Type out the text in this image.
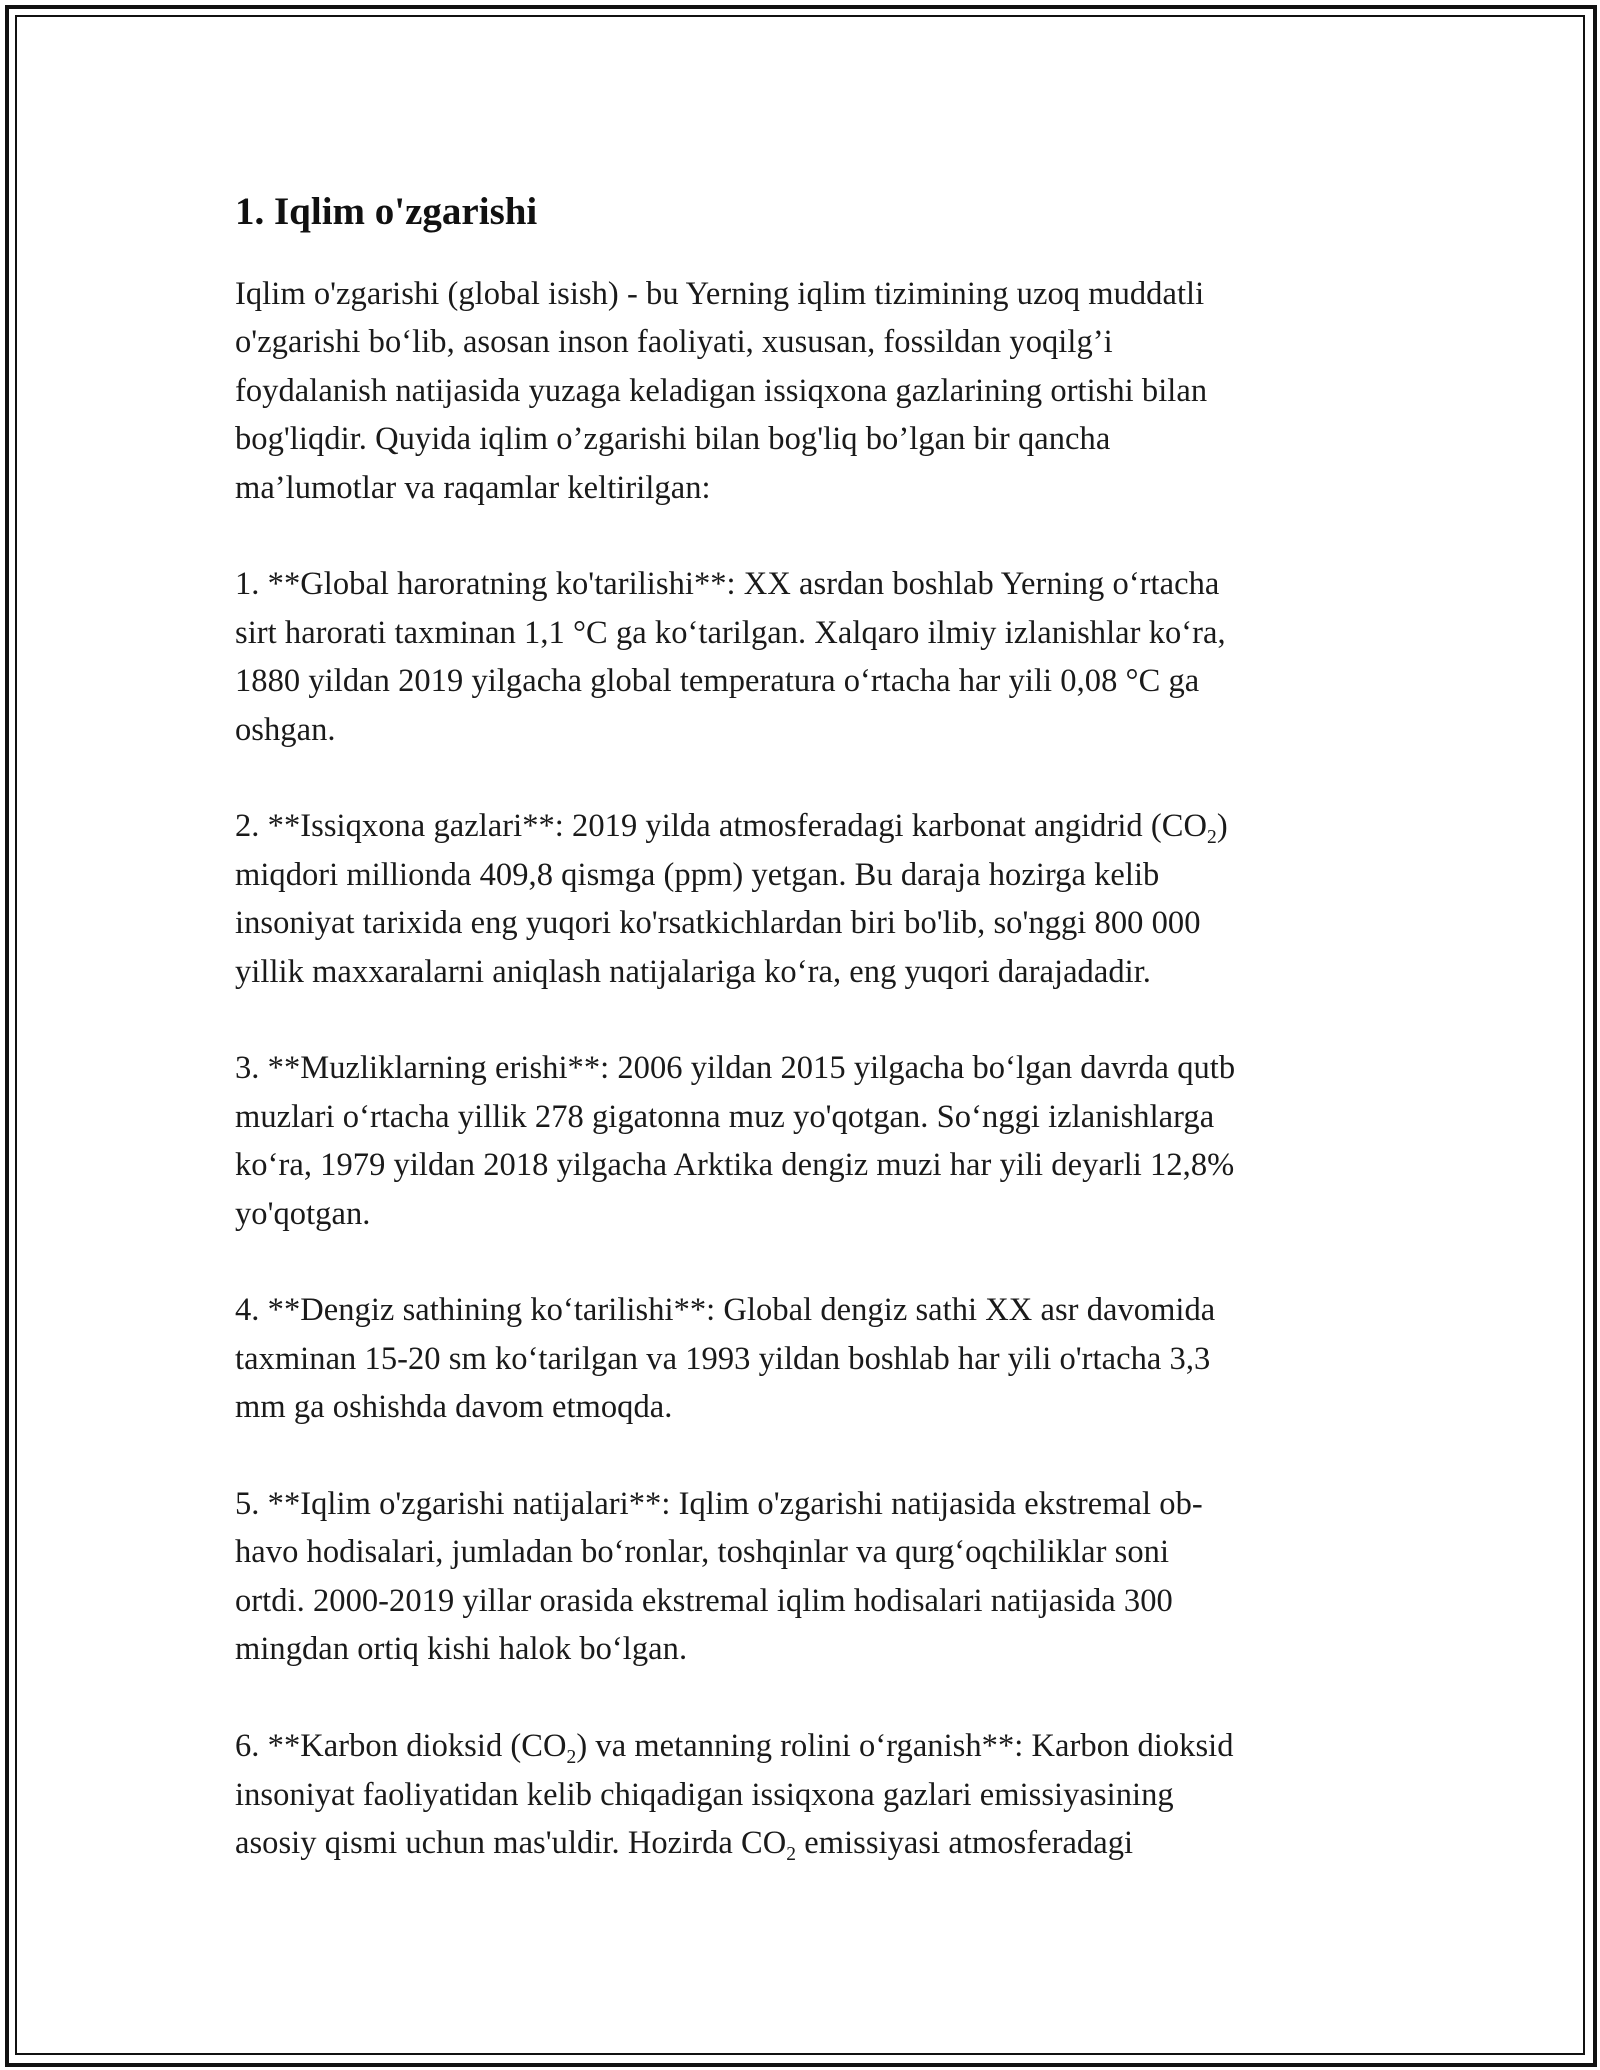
1. Iqlim o'zgarishi
Iqlim o'zgarishi (global isish) - bu Yerning iqlim tizimining uzoq muddatli
o'zgarishi bo‘lib, asosan inson faoliyati, xususan, fossildan yoqilg’i
foydalanish natijasida yuzaga keladigan issiqxona gazlarining ortishi bilan
bog'liqdir. Quyida iqlim o’zgarishi bilan bog'liq bo’lgan bir qancha
ma’lumotlar va raqamlar keltirilgan:
1. **Global haroratning ko'tarilishi**: XX asrdan boshlab Yerning o‘rtacha
sirt harorati taxminan 1,1 °C ga ko‘tarilgan. Xalqaro ilmiy izlanishlar ko‘ra,
1880 yildan 2019 yilgacha global temperatura o‘rtacha har yili 0,08 °C ga
oshgan.
2. **Issiqxona gazlari**: 2019 yilda atmosferadagi karbonat angidrid $(CO_2)$
miqdori millionda 409,8 qismga (ppm) yetgan. Bu daraja hozirga kelib
insoniyat tarixida eng yuqori ko'rsatkichlardan biri bo'lib, so'nggi 800 000
yillik maxxaralarni aniqlash natijalariga ko‘ra, eng yuqori darajadadir.
3. **Muzliklarning erishi**: 2006 yildan 2015 yilgacha bo‘lgan davrda qutb
muzlari o‘rtacha yillik 278 gigatonna muz yo'qotgan. So‘nggi izlanishlarga
ko‘ra, 1979 yildan 2018 yilgacha Arktika dengiz muzi har yili deyarli 12,8%
yo'qotgan.
4. **Dengiz sathining ko‘tarilishi**: Global dengiz sathi XX asr davomida
taxminan 15-20 sm ko‘tarilgan va 1993 yildan boshlab har yili o'rtacha 3,3
mm ga oshishda davom etmoqda.
5. **Iqlim o'zgarishi natijalari**: Iqlim o'zgarishi natijasida ekstremal ob-
havo hodisalari, jumladan bo‘ronlar, toshqinlar va qurg‘oqchiliklar soni
ortdi. 2000-2019 yillar orasida ekstremal iqlim hodisalari natijasida 300
mingdan ortiq kishi halok bo‘lgan.
6. **Karbon dioksid $(CO_2)$ va metanning rolini o‘rganish**: Karbon dioksid
insoniyat faoliyatidan kelib chiqadigan issiqxona gazlari emissiyasining
asosiy qismi uchun mas'uldir. Hozirda $CO_2$ emissiyasi atmosferadagi
